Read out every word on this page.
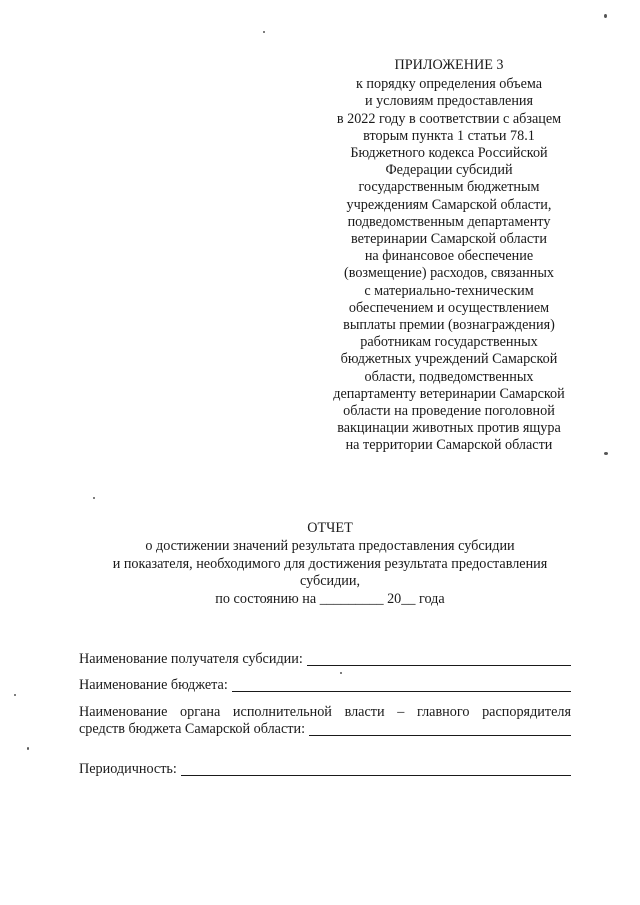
ПРИЛОЖЕНИЕ 3
к порядку определения объема
и условиям предоставления
в 2022 году в соответствии с абзацем
вторым пункта 1 статьи 78.1
Бюджетного кодекса Российской
Федерации субсидий
государственным бюджетным
учреждениям Самарской области,
подведомственным департаменту
ветеринарии Самарской области
на финансовое обеспечение
(возмещение) расходов, связанных
с материально-техническим
обеспечением и осуществлением
выплаты премии (вознаграждения)
работникам государственных
бюджетных учреждений Самарской
области, подведомственных
департаменту ветеринарии Самарской
области на проведение поголовной
вакцинации животных против ящура
на территории Самарской области
ОТЧЕТ
о достижении значений результата предоставления субсидии
и показателя, необходимого для достижения результата предоставления
субсидии,
по состоянию на _________ 20__ года
Наименование получателя субсидии:
Наименование бюджета:
Наименование органа исполнительной власти – главного распорядителя
средств бюджета Самарской области:
Периодичность:
